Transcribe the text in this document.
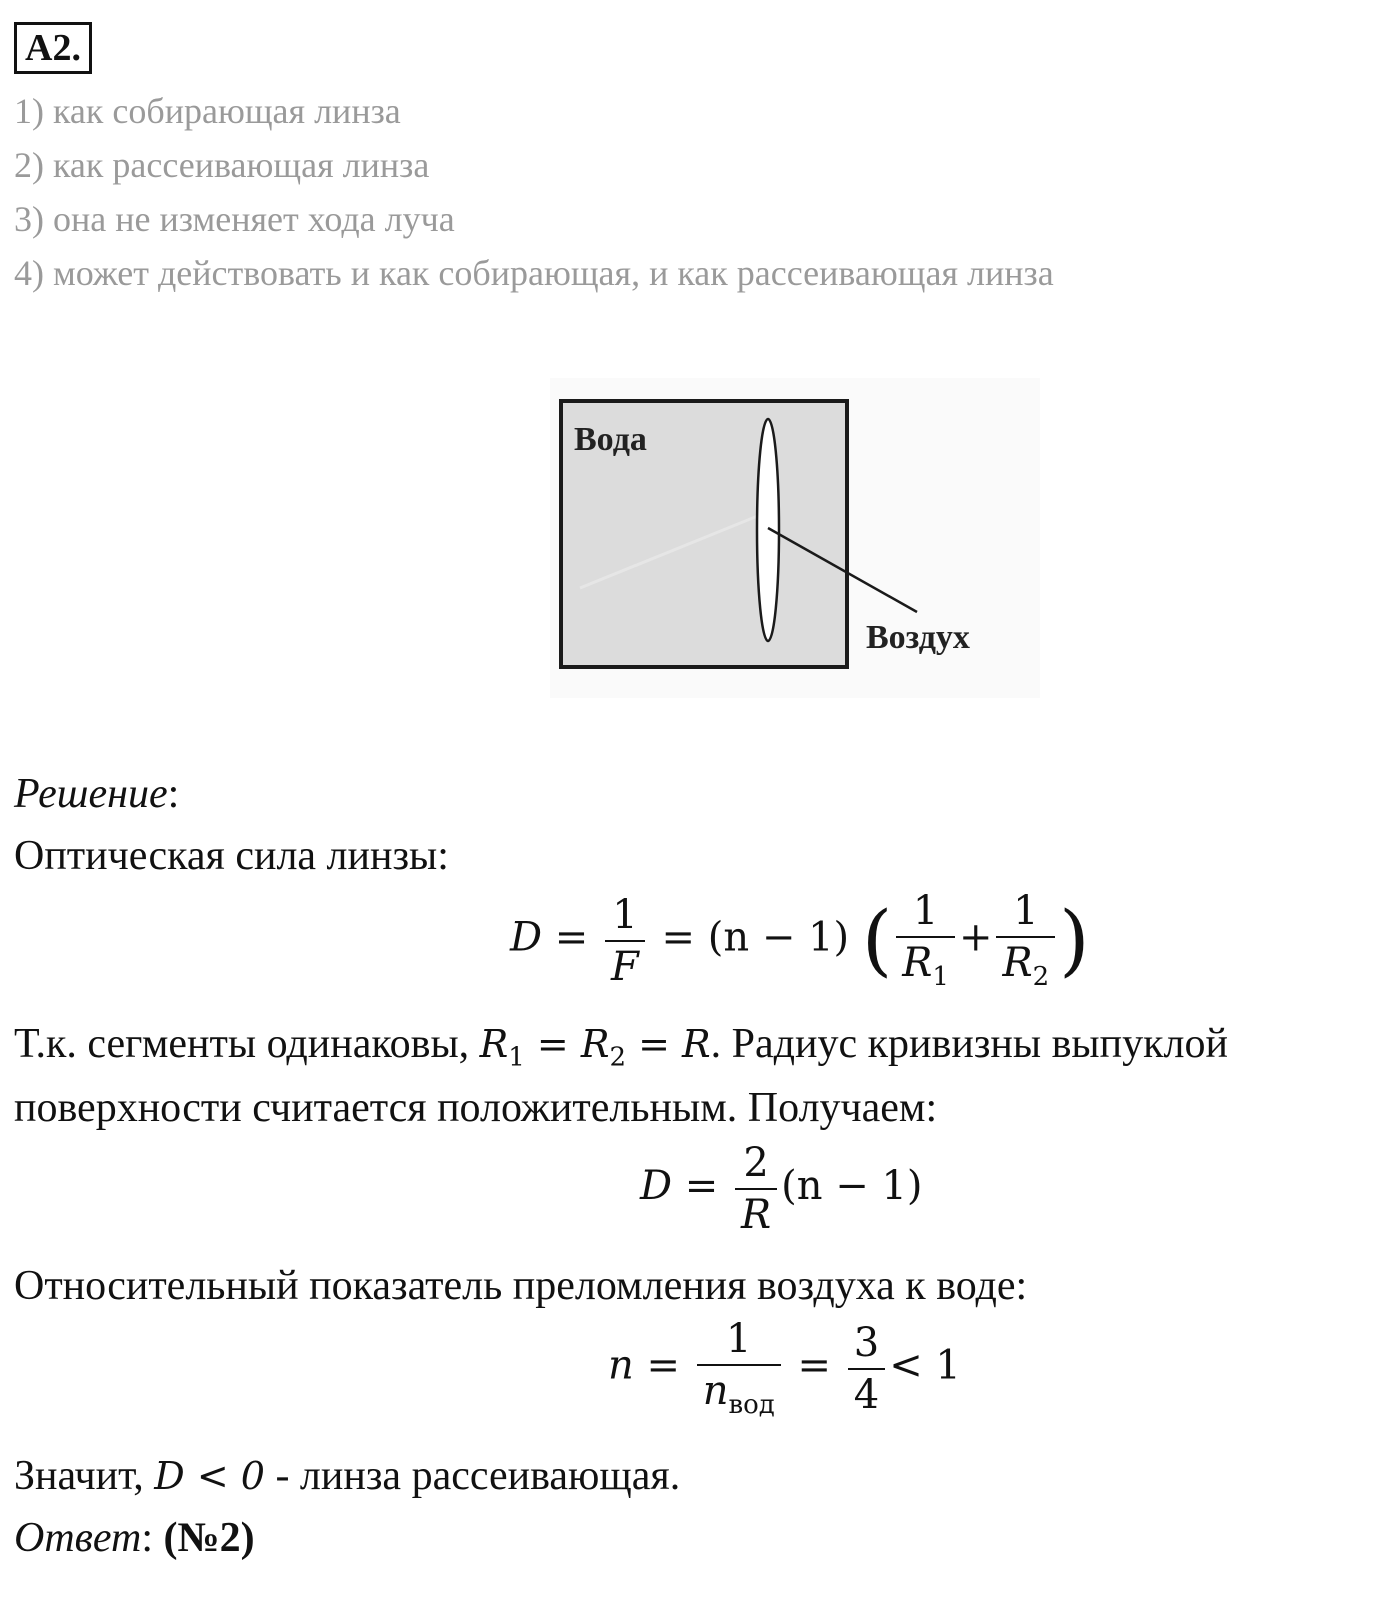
A2.
1) как собирающая линза
2) как рассеивающая линза
3) она не изменяет хода луча
4) может действовать и как собирающая, и как рассеивающая линза
Вода
Воздух
Решение:
Оптическая сила линзы:
$D = \frac{1}{F} = (n - 1)$ ( $\frac{1}{R_1} + \frac{1}{R_2}$ )
Т.к. сегменты одинаковы, $R_1 = R_2 = R$. Радиус кривизны выпуклой
поверхности считается положительным. Получаем:
$D = \frac{2}{R} (n - 1)$
Относительный показатель преломления воздуха к воде:
$n = \frac{1}{n_{вод}} = \frac{3}{4} < 1$
Значит, D < 0 - линза рассеивающая.
Ответ: (№2)
